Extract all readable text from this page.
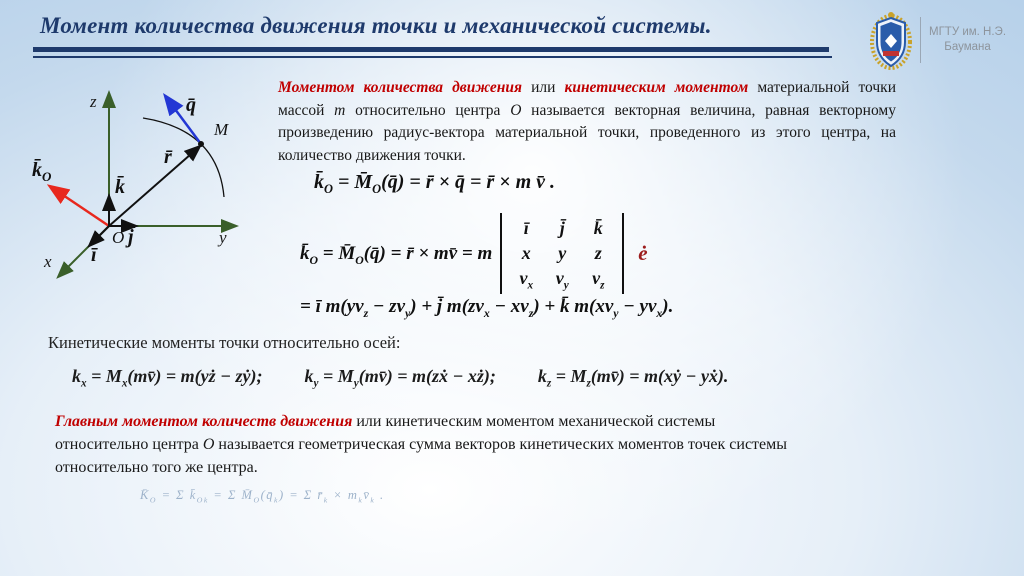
Момент количества движения точки и механической системы.	МГТУ им. Н.Э.
Баумана
z
y
x
O
M
k̄
j̄
ī
r̄
q̄
$k̄_O$
Моментом количества движения или кинетическим моментом материальной точки массой m относительно центра O называется векторная величина, равная векторному произведению радиус-вектора материальной точки, проведенного из этого центра, на количество движения точки.
$k̄_O$ = $M̄_O(q̄)$ = r̄ × q̄ = r̄ × m v̄ .
$k̄_O$ = $M̄_O(q̄)$ = r̄ × mv̄ = m
ī	j̄	k̄
x	y	z
$v_x$	$v_y$	$v_z$
ė
= ī $m(yv_z - zv_y)$ + j̄ $m(zv_x - xv_z)$ + k̄ $m(xv_y - yv_x)$.
Кинетические моменты точки относительно осей:
$k_x$ = $M_x(mv̄)$ = m(yż − zẏ); $k_y$ = $M_y(mv̄)$ = m(zẋ − xż); $k_z$ = $M_z(mv̄)$ = m(xẏ − yẋ).
Главным моментом количеств движения или кинетическим моментом механической системы относительно центра O называется геометрическая сумма векторов кинетических моментов точек системы относительно того же центра.
$K̄_O = \Sigma$ $k̄_{Ok} = \Sigma$ $M̄_O(q̄_k) = \Sigma$ $r̄_k$ × $m_kv̄_k$ .
